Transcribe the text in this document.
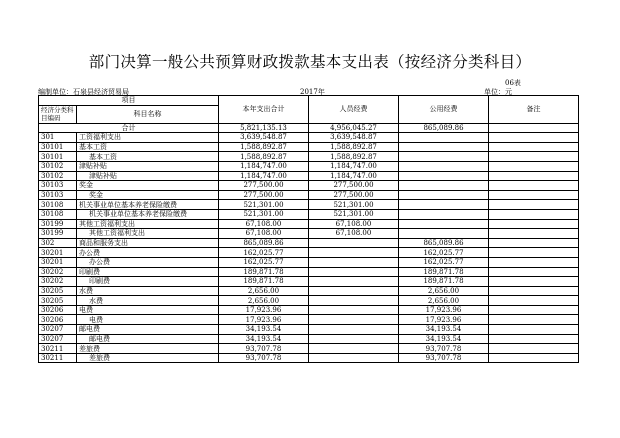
部门决算一般公共预算财政拨款基本支出表（按经济分类科目）
06表
编制单位：石泉县经济贸易局	2017年	单位：元
项目		本年支出合计	人员经费	公用经费	备注
经济分类科目编码	科目名称				
合计		5,821,135.13	4,956,045.27	865,089.86	
301	工资福利支出	3,639,548.87	3,639,548.87		
30101	基本工资	1,588,892.87	1,588,892.87		
30101	基本工资	1,588,892.87	1,588,892.87		
30102	津贴补贴	1,184,747.00	1,184,747.00		
30102	津贴补贴	1,184,747.00	1,184,747.00		
30103	奖金	277,500.00	277,500.00		
30103	奖金	277,500.00	277,500.00		
30108	机关事业单位基本养老保险缴费	521,301.00	521,301.00		
30108	机关事业单位基本养老保险缴费	521,301.00	521,301.00		
30199	其他工资福利支出	67,108.00	67,108.00		
30199	其他工资福利支出	67,108.00	67,108.00		
302	商品和服务支出	865,089.86		865,089.86	
30201	办公费	162,025.77		162,025.77	
30201	办公费	162,025.77		162,025.77	
30202	印刷费	189,871.78		189,871.78	
30202	印刷费	189,871.78		189,871.78	
30205	水费	2,656.00		2,656.00	
30205	水费	2,656.00		2,656.00	
30206	电费	17,923.96		17,923.96	
30206	电费	17,923.96		17,923.96	
30207	邮电费	34,193.54		34,193.54	
30207	邮电费	34,193.54		34,193.54	
30211	差旅费	93,707.78		93,707.78	
30211	差旅费	93,707.78		93,707.78	
